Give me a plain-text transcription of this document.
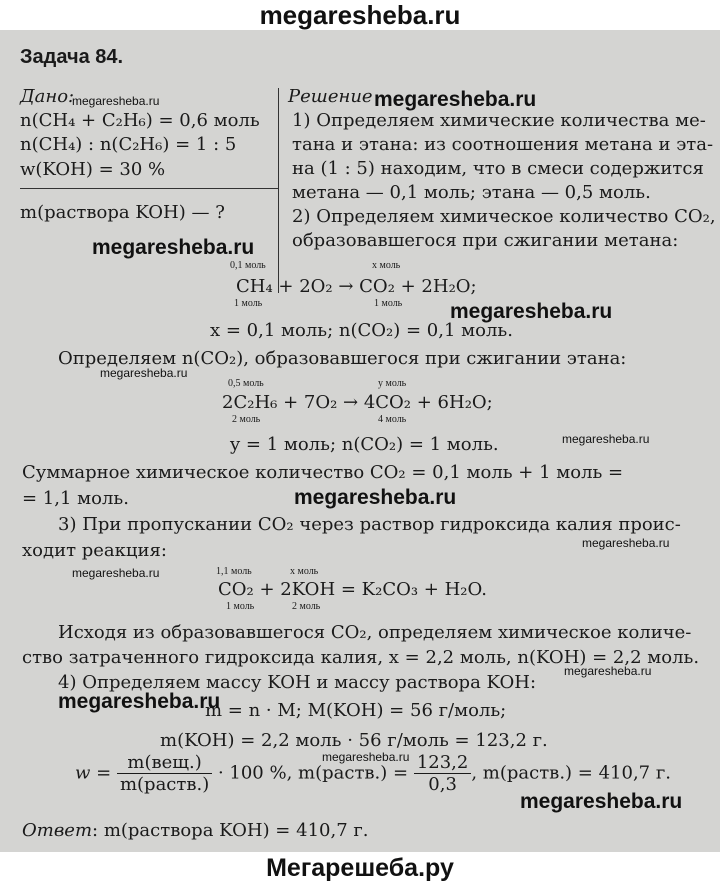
megaresheba.ru
Задача 84.
Дано:
n(CH₄ + C₂H₆) = 0,6 моль
n(CH₄) : n(C₂H₆) = 1 : 5
w(KOH) = 30 %
m(раствора KOH) — ?
Решение
1) Определяем химические количества ме-
тана и этана: из соотношения метана и эта-
на (1 : 5) находим, что в смеси содержится
метана — 0,1 моль; этана — 0,5 моль.
2) Определяем химическое количество CO₂,
образовавшегося при сжигании метана:
0,1 моль	x моль
CH₄ + 2O₂ → CO₂ + 2H₂O;
1 моль	1 моль
x = 0,1 моль; n(CO₂) = 0,1 моль.
Определяем n(CO₂), образовавшегося при сжигании этана:
0,5 моль	y моль
2C₂H₆ + 7O₂ → 4CO₂ + 6H₂O;
2 моль	4 моль
y = 1 моль; n(CO₂) = 1 моль.
Суммарное химическое количество CO₂ = 0,1 моль + 1 моль =
= 1,1 моль.
3) При пропускании CO₂ через раствор гидроксида калия проис-
ходит реакция:
1,1 моль	x моль
CO₂ + 2KOH = K₂CO₃ + H₂O.
1 моль	2 моль
Исходя из образовавшегося CO₂, определяем химическое количе-
ство затраченного гидроксида калия, x = 2,2 моль, n(KOH) = 2,2 моль.
4) Определяем массу KOH и массу раствора KOH:
m = n · M; M(KOH) = 56 г/моль;
m(KOH) = 2,2 моль · 56 г/моль = 123,2 г.
$w = \frac{\text{m(вещ.)}}{\text{m(раств.)}} \cdot 100$ %, m(раств.) = $\frac{123,2}{0,3}$ , m(раств.) = 410,7 г.
Ответ: m(раствора KOH) = 410,7 г.
megaresheba.ru	megaresheba.ru
megaresheba.ru
megaresheba.ru
megaresheba.ru
megaresheba.ru
megaresheba.ru
megaresheba.ru
megaresheba.ru
megaresheba.ru
megaresheba.ru
megaresheba.ru
megaresheba.ru
Мегарешеба.ру
